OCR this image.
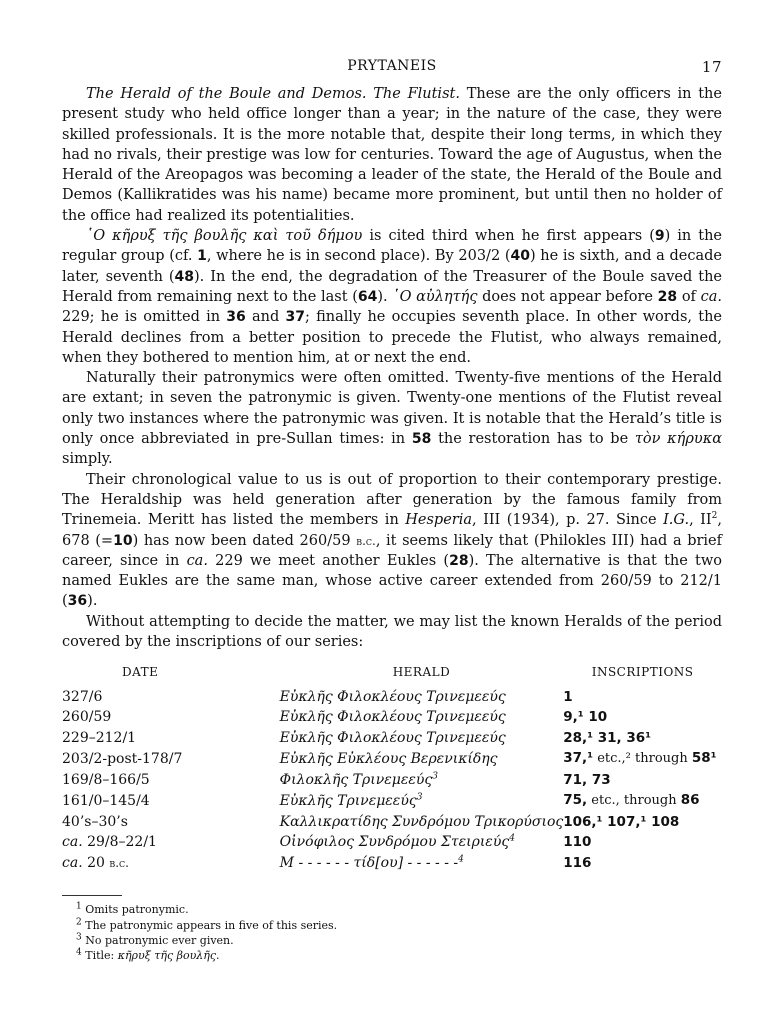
PRYTANEIS	17

The Herald of the Boule and Demos. The Flutist. These are the only officers in the present study who held office longer than a year; in the nature of the case, they were skilled professionals. It is the more notable that, despite their long terms, in which they had no rivals, their prestige was low for centuries. Toward the age of Augustus, when the Herald of the Areopagos was becoming a leader of the state, the Herald of the Boule and Demos (Kallikratides was his name) became more prominent, but until then no holder of the office had realized its potentialities.

῾Ο κῆρυξ τῆς βουλῆς καὶ τοῦ δήμου is cited third when he first appears (9) in the regular group (cf. 1, where he is in second place). By 203/2 (40) he is sixth, and a decade later, seventh (48). In the end, the degradation of the Treasurer of the Boule saved the Herald from remaining next to the last (64). ῾Ο αὐλητής does not appear before 28 of ca. 229; he is omitted in 36 and 37; finally he occupies seventh place. In other words, the Herald declines from a better position to precede the Flutist, who always remained, when they bothered to mention him, at or next the end.

Naturally their patronymics were often omitted. Twenty-five mentions of the Herald are extant; in seven the patronymic is given. Twenty-one mentions of the Flutist reveal only two instances where the patronymic was given. It is notable that the Herald’s title is only once abbreviated in pre-Sullan times: in 58 the restoration has to be τὸν κήρυκα simply.

Their chronological value to us is out of proportion to their contemporary prestige. The Heraldship was held generation after generation by the famous family from Trinemeia. Meritt has listed the members in Hesperia, III (1934), p. 27. Since I.G., $II^2$, 678 (=10) has now been dated 260/59 b.c., it seems likely that (Philokles III) had a brief career, since in ca. 229 we meet another Eukles (28). The alternative is that the two named Eukles are the same man, whose active career extended from 260/59 to 212/1 (36).

Without attempting to decide the matter, we may list the known Heralds of the period covered by the inscriptions of our series:

DATE	HERALD	INSCRIPTIONS
327/6	Εὐκλῆς Φιλοκλέους Τρινεμεεύς	1
260/59	Εὐκλῆς Φιλοκλέους Τρινεμεεύς	9,¹ 10
229–212/1	Εὐκλῆς Φιλοκλέους Τρινεμεεύς	28,¹ 31, 36¹
203/2-post-178/7	Εὐκλῆς Εὐκλέους Βερενικίδης	37,¹ etc.,² through 58¹
169/8–166/5	Φιλοκλῆς Τρινεμεεύς$^3$	71, 73
161/0–145/4	Εὐκλῆς Τρινεμεεύς$^3$	75, etc., through 86
40’s–30’s	Καλλικρατίδης Συνδρόμου Τρικορύσιος	106,¹ 107,¹ 108
ca. 29/8–22/1	Οἰνόφιλος Συνδρόμου Στειριεύς$^4$	110
ca. 20 b.c.	Μ - - - - - - τίδ[ου] - - - - - -$^4$	116
$^1$ Omits patronymic.
$^2$ The patronymic appears in five of this series.
$^3$ No patronymic ever given.
$^4$ Title: κῆρυξ τῆς βουλῆς.
